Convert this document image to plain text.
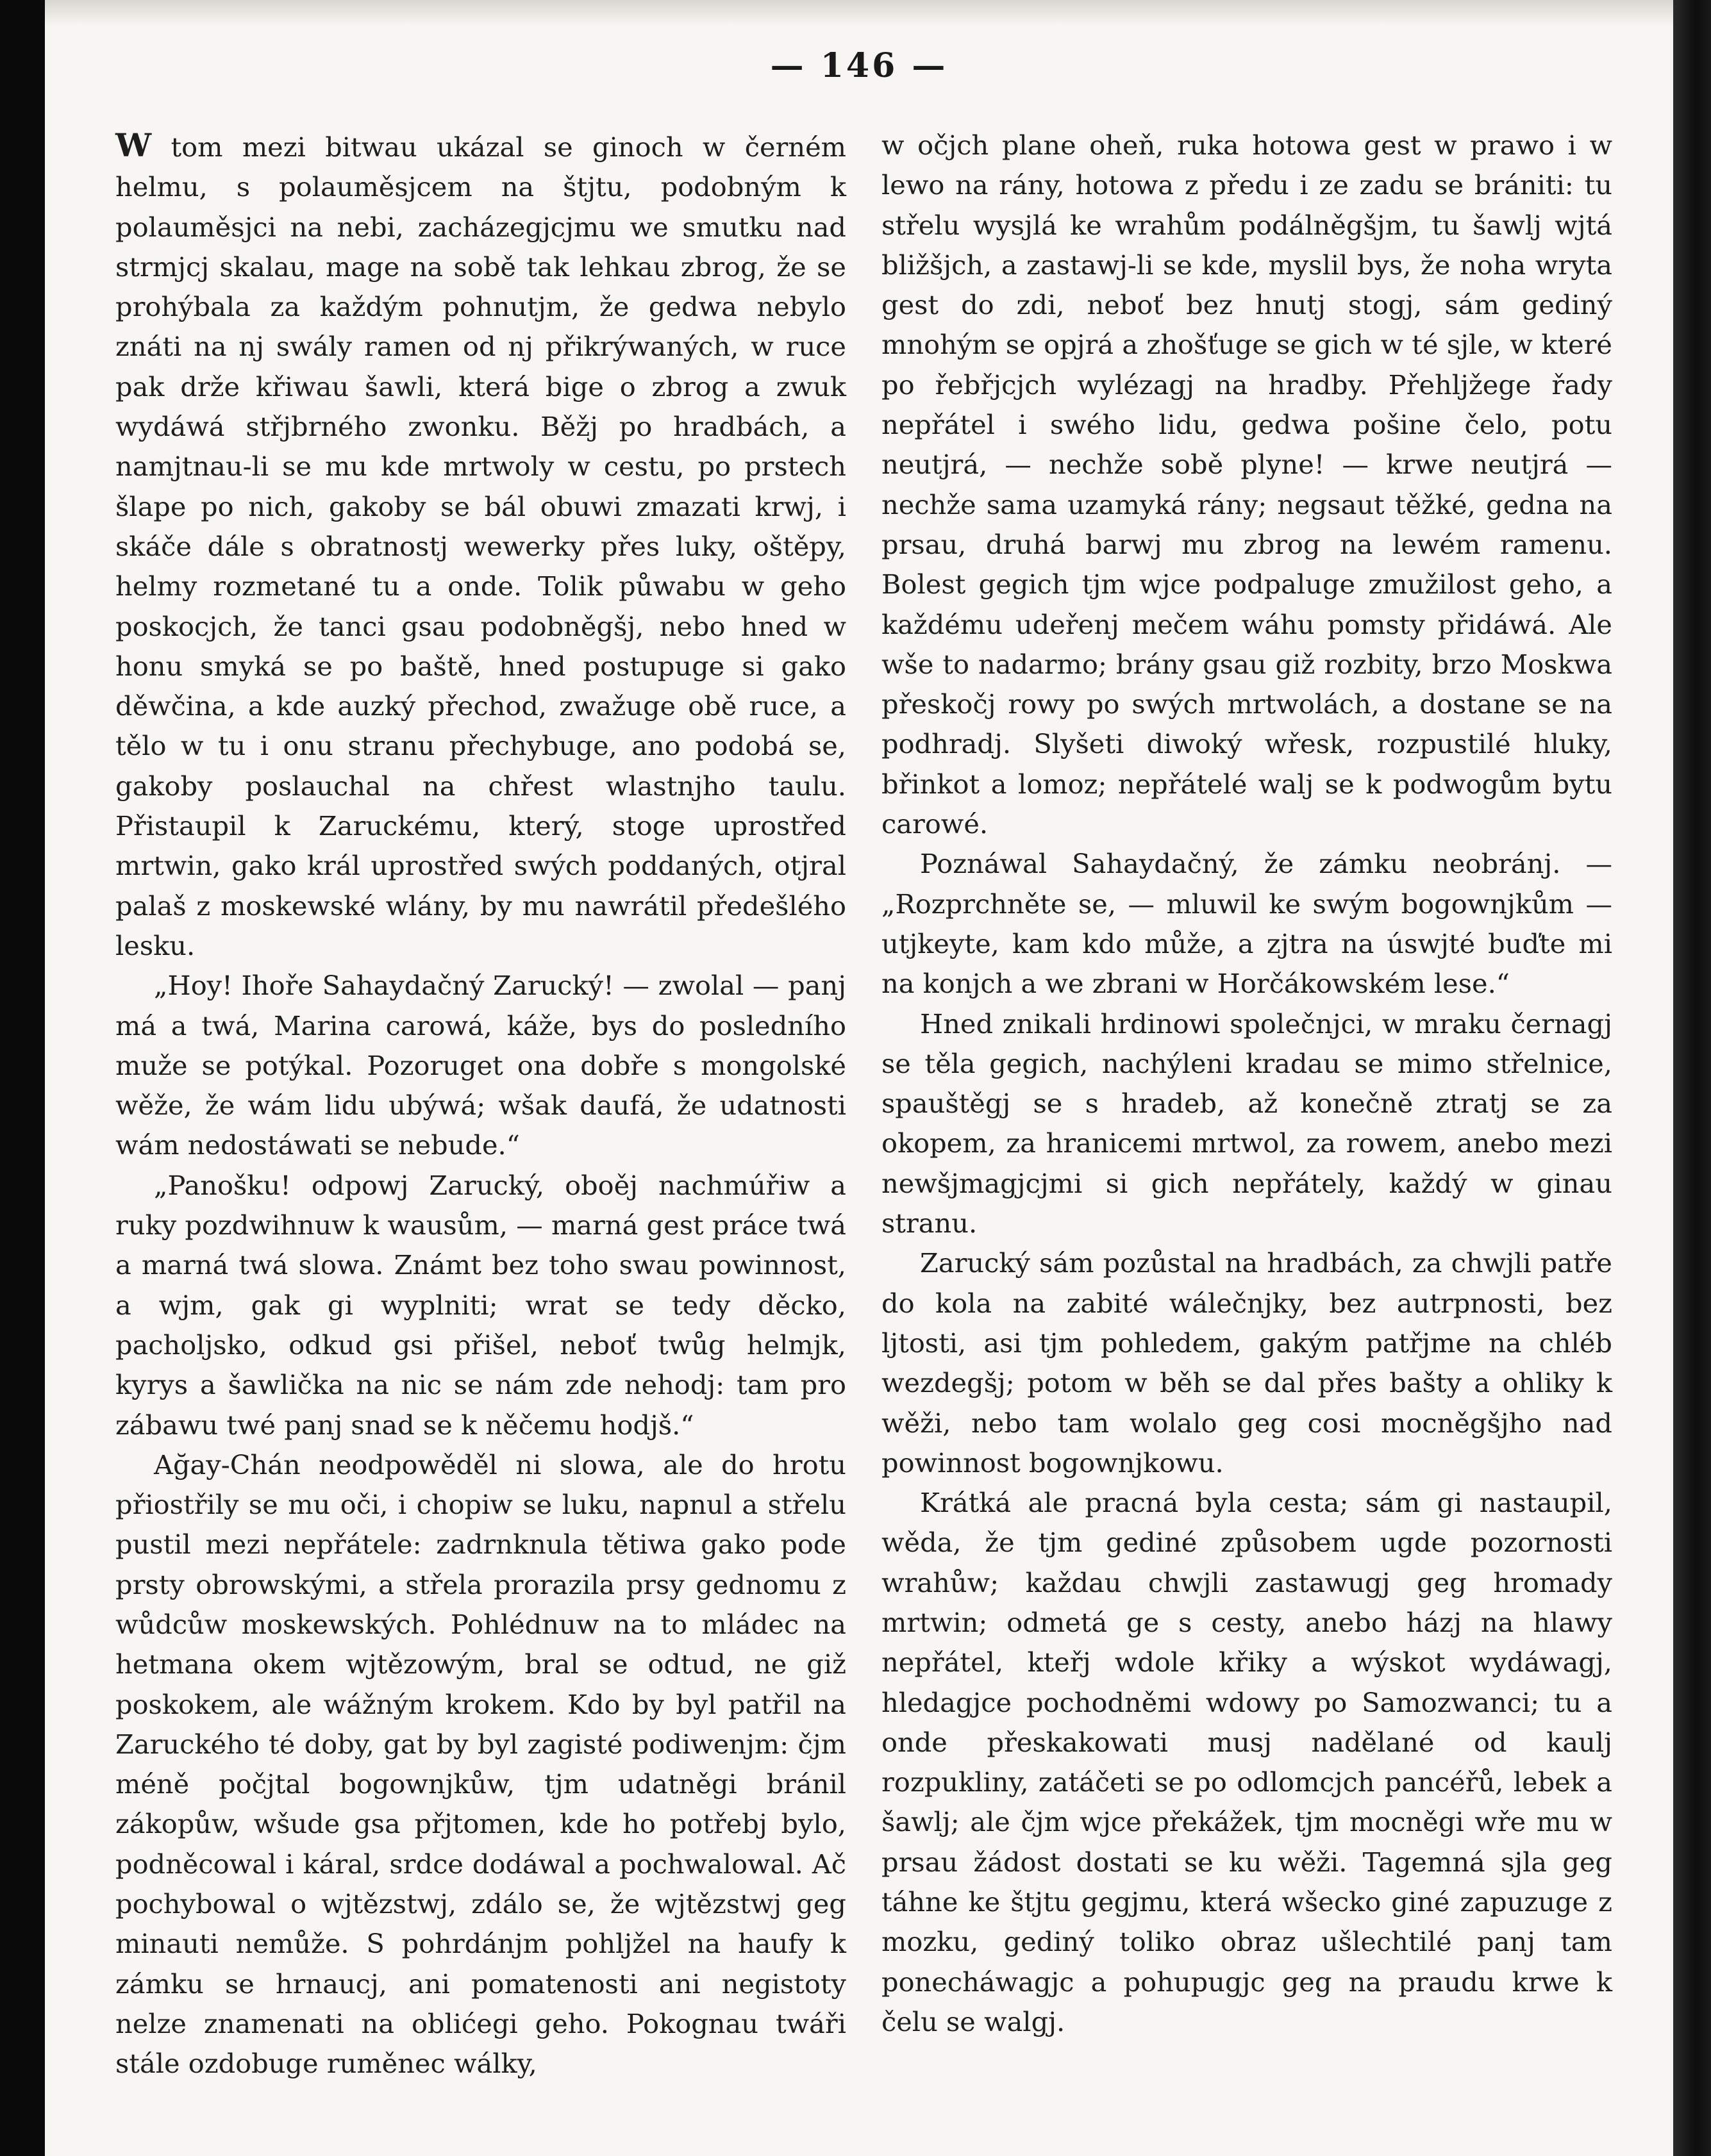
— 146 —

W tom mezi bitwau ukázal se ginoch w černém helmu, s polauměsjcem na štjtu, podobným k polauměsjci na nebi, zacházegjcjmu we smutku nad strmjcj skalau, mage na sobě tak lehkau zbrog, že se prohýbala za každým pohnutjm, že gedwa nebylo znáti na nj swály ramen od nj přikrýwaných, w ruce pak drže křiwau šawli, která bige o zbrog a zwuk wydáwá střjbrného zwonku. Běžj po hradbách, a namjtnau-li se mu kde mrtwoly w cestu, po prstech šlape po nich, gakoby se bál obuwi zmazati krwj, i skáče dále s obratnostj wewerky přes luky, oštěpy, helmy rozmetané tu a onde. Tolik půwabu w geho poskocjch, že tanci gsau podobněgšj, nebo hned w honu smyká se po baště, hned postupuge si gako děwčina, a kde auzký přechod, zwažuge obě ruce, a tělo w tu i onu stranu přechybuge, ano podobá se, gakoby poslauchal na chřest wlastnjho taulu. Přistaupil k Zaruckému, který, stoge uprostřed mrtwin, gako král uprostřed swých poddaných, otjral palaš z moskewské wlány, by mu nawrátil předešlého lesku.

„Hoy! Ihoře Sahaydačný Zarucký! — zwolal — panj má a twá, Marina carowá, káže, bys do posledního muže se potýkal. Pozoruget ona dobře s mongolské wěže, že wám lidu ubýwá; wšak daufá, že udatnosti wám nedostáwati se nebude.“

„Panošku! odpowj Zarucký, oboěj nachmúřiw a ruky pozdwihnuw k wausům, — marná gest práce twá a marná twá slowa. Známt bez toho swau powinnost, a wjm, gak gi wyplniti; wrat se tedy děcko, pacholjsko, odkud gsi přišel, neboť twůg helmjk, kyrys a šawlička na nic se nám zde nehodj: tam pro zábawu twé panj snad se k něčemu hodjš.“

Ağay-Chán neodpowěděl ni slowa, ale do hrotu přiostřily se mu oči, i chopiw se luku, napnul a střelu pustil mezi nepřátele: zadrnknula tětiwa gako pode prsty obrowskými, a střela prorazila prsy gednomu z wůdcůw moskewských. Pohlédnuw na to mládec na hetmana okem wjtězowým, bral se odtud, ne giž poskokem, ale wážným krokem. Kdo by byl patřil na Zaruckého té doby, gat by byl zagisté podiwenjm: čjm méně počjtal bogownjkůw, tjm udatněgi bránil zákopůw, wšude gsa přjtomen, kde ho potřebj bylo, podněcowal i káral, srdce dodáwal a pochwalowal. Ač pochybowal o wjtězstwj, zdálo se, že wjtězstwj geg minauti nemůže. S pohrdánjm pohljžel na haufy k zámku se hrnaucj, ani pomatenosti ani negistoty nelze znamenati na oblićegi geho. Pokognau twáři stále ozdobuge ruměnec wálky,

w očjch plane oheň, ruka hotowa gest w prawo i w lewo na rány, hotowa z předu i ze zadu se brániti: tu střelu wysjlá ke wrahům podálněgšjm, tu šawlj wjtá bližšjch, a zastawj-li se kde, myslil bys, že noha wryta gest do zdi, neboť bez hnutj stogj, sám gediný mnohým se opjrá a zhošťuge se gich w té sjle, w které po řebřjcjch wylézagj na hradby. Přehljžege řady nepřátel i swého lidu, gedwa pošine čelo, potu neutjrá, — nechže sobě plyne! — krwe neutjrá — nechže sama uzamyká rány; negsaut těžké, gedna na prsau, druhá barwj mu zbrog na lewém ramenu. Bolest gegich tjm wjce podpaluge zmužilost geho, a každému udeřenj mečem wáhu pomsty přidáwá. Ale wše to nadarmo; brány gsau giž rozbity, brzo Moskwa přeskočj rowy po swých mrtwolách, a dostane se na podhradj. Slyšeti diwoký wřesk, rozpustilé hluky, břinkot a lomoz; nepřátelé walj se k podwogům bytu carowé.

Poznáwal Sahaydačný, že zámku neobránj. — „Rozprchněte se, — mluwil ke swým bogownjkům — utjkeyte, kam kdo může, a zjtra na úswjté buďte mi na konjch a we zbrani w Horčákowském lese.“

Hned znikali hrdinowi společnjci, w mraku černagj se těla gegich, nachýleni kradau se mimo střelnice, spauštěgj se s hradeb, až konečně ztratj se za okopem, za hranicemi mrtwol, za rowem, anebo mezi newšjmagjcjmi si gich nepřátely, každý w ginau stranu.

Zarucký sám pozůstal na hradbách, za chwjli patře do kola na zabité wálečnjky, bez autrpnosti, bez ljtosti, asi tjm pohledem, gakým patřjme na chléb wezdegšj; potom w běh se dal přes bašty a ohliky k wěži, nebo tam wolalo geg cosi mocněgšjho nad powinnost bogownjkowu.

Krátká ale pracná byla cesta; sám gi nastaupil, wěda, že tjm gediné způsobem ugde pozornosti wrahůw; každau chwjli zastawugj geg hromady mrtwin; odmetá ge s cesty, anebo házj na hlawy nepřátel, kteřj wdole křiky a wýskot wydáwagj, hledagjce pochodněmi wdowy po Samozwanci; tu a onde přeskakowati musj nadělané od kaulj rozpukliny, zatáčeti se po odlomcjch pancéřů, lebek a šawlj; ale čjm wjce překážek, tjm mocněgi wře mu w prsau žádost dostati se ku wěži. Tagemná sjla geg táhne ke štjtu gegjmu, která wšecko giné zapuzuge z mozku, gediný toliko obraz ušlechtilé panj tam ponecháwagjc a pohupugjc geg na praudu krwe k čelu se walgj.
